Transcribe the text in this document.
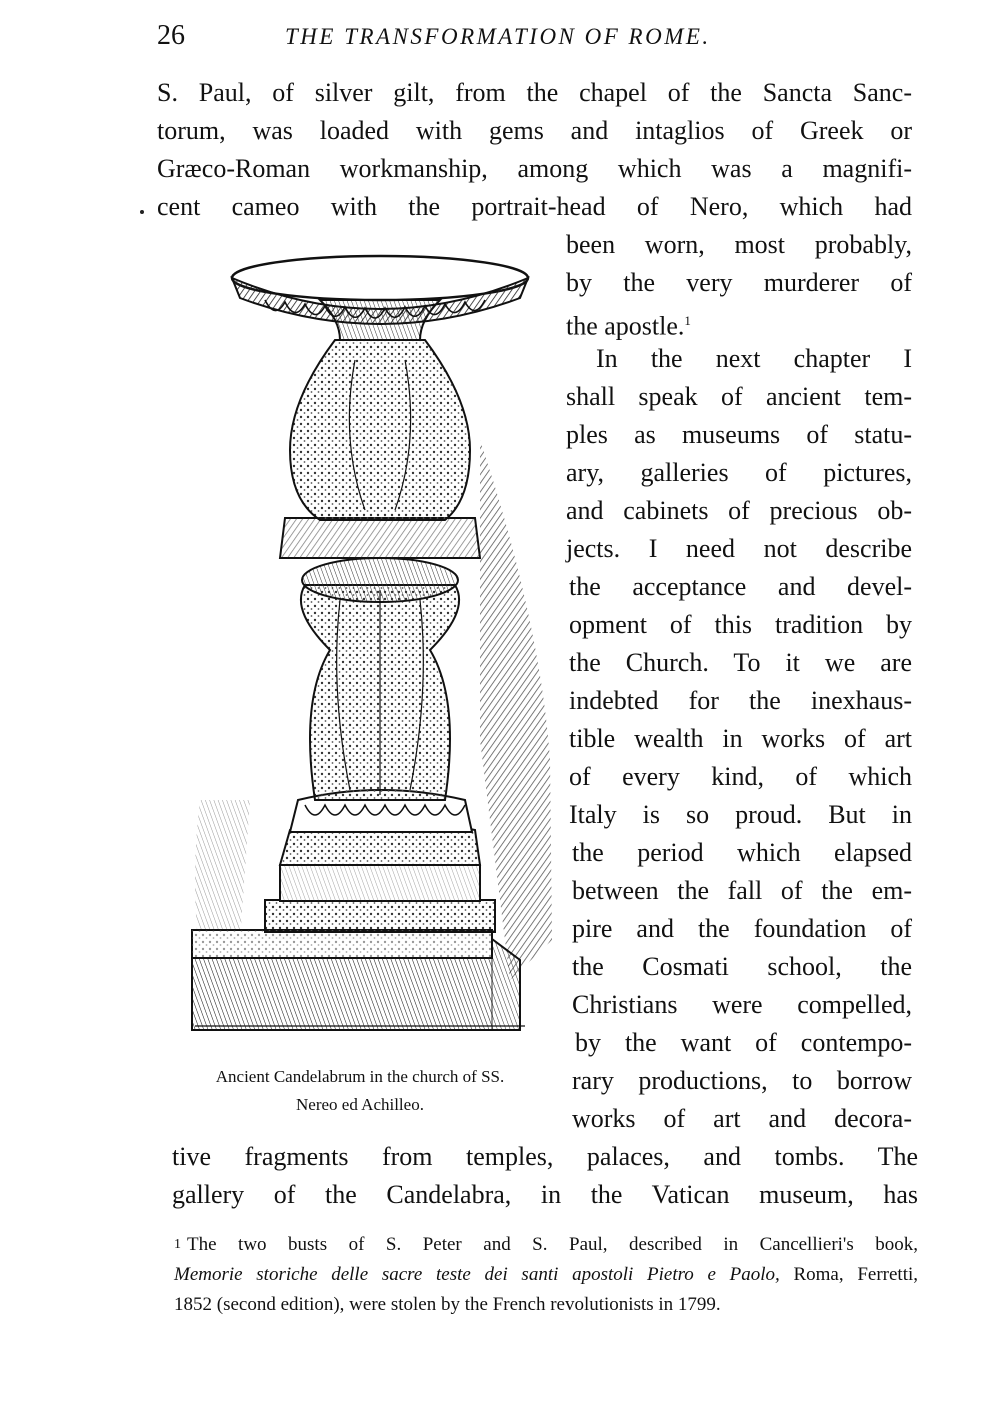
26	THE TRANSFORMATION OF ROME.
S. Paul, of silver gilt, from the chapel of the Sancta Sanc-
torum, was loaded with gems and intaglios of Greek or
Græco-Roman workmanship, among which was a magnifi-
cent cameo with the portrait-head of Nero, which had
been worn, most probably,
by the very murderer of
the apostle.$^1$
In the next chapter I
shall speak of ancient tem-
ples as museums of statu-
ary, galleries of pictures,
and cabinets of precious ob-
jects. I need not describe
the acceptance and devel-
opment of this tradition by
the Church. To it we are
indebted for the inexhaus-
tible wealth in works of art
of every kind, of which
Italy is so proud. But in
the period which elapsed
between the fall of the em-
pire and the foundation of
the Cosmati school, the
Christians were compelled,
by the want of contempo-
rary productions, to borrow
works of art and decora-
tive fragments from temples, palaces, and tombs. The
gallery of the Candelabra, in the Vatican museum, has
Ancient Candelabrum in the church of SS.
Nereo ed Achilleo.
$^1$ The two busts of S. Peter and S. Paul, described in Cancellieri's book,
Memorie storiche delle sacre teste dei santi apostoli Pietro e Paolo, Roma, Ferretti,
1852 (second edition), were stolen by the French revolutionists in 1799.
